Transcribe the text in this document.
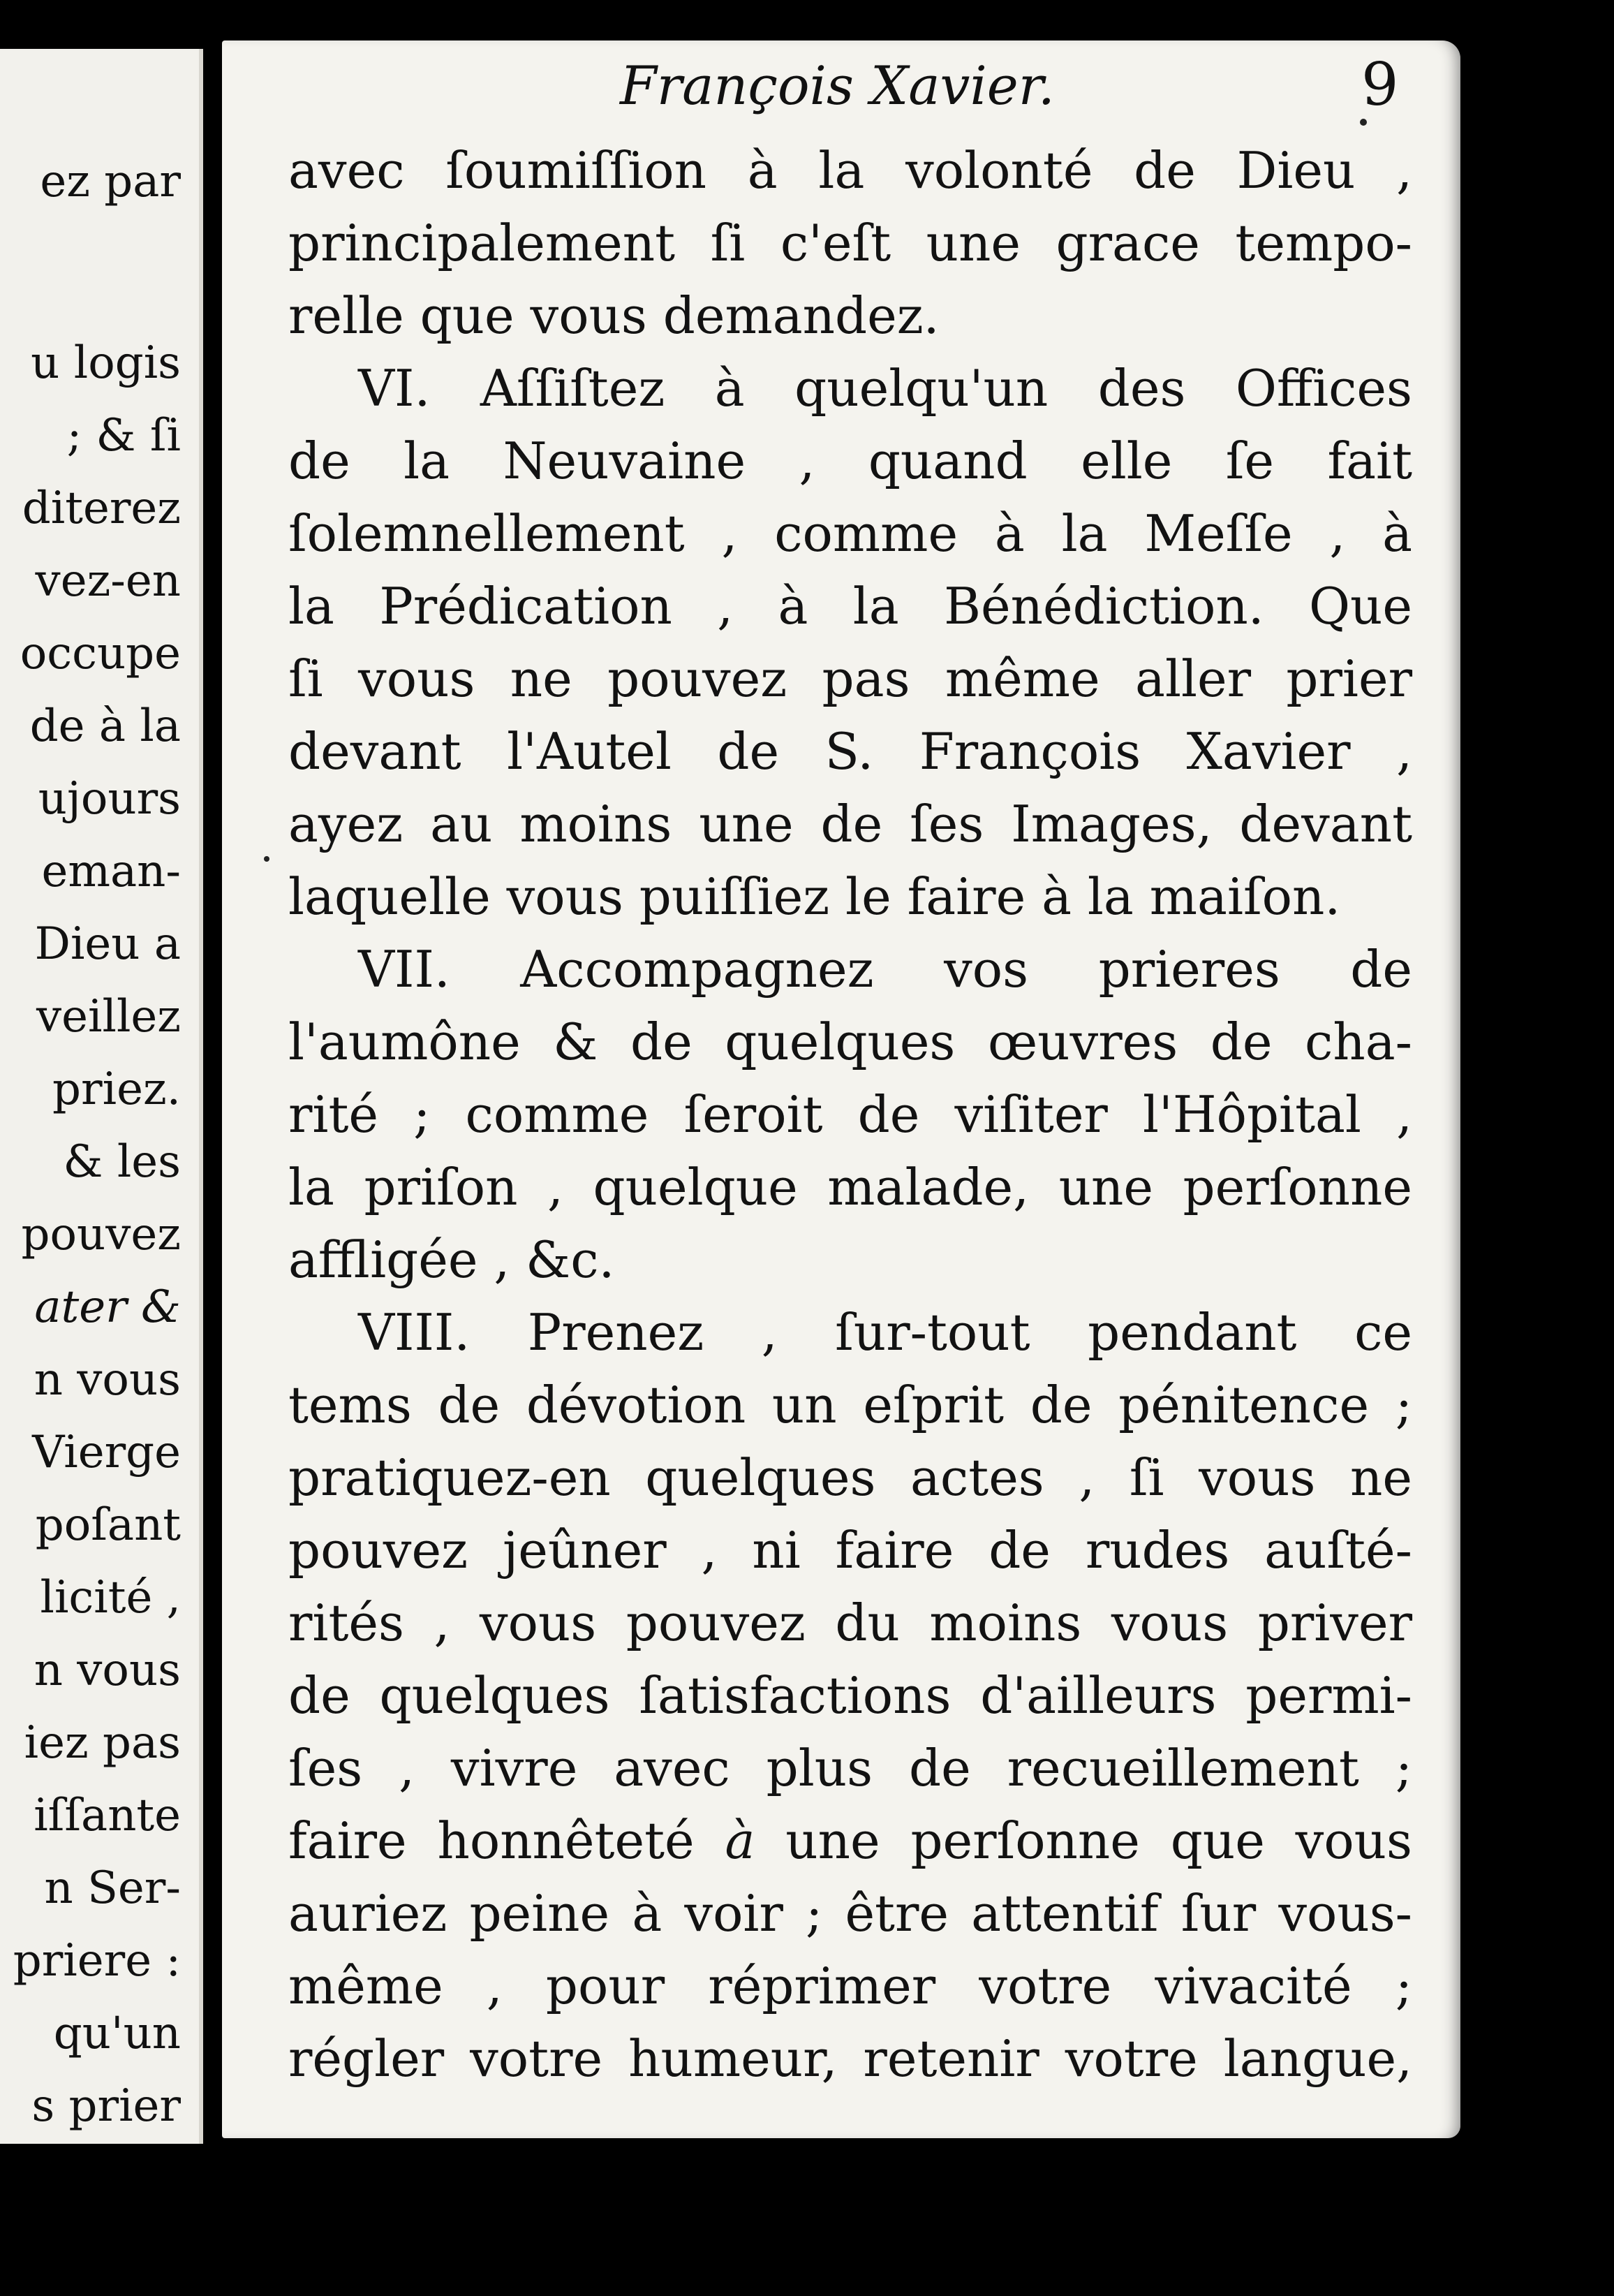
ez par
u logis
; & ſi
diterez
vez-en
occupe
de à la
ujours
eman-
Dieu a
veillez
priez.
& les
pouvez
ater &
n vous
Vierge
poſant
licité ,
n vous
iez pas
iſſante
n Ser-
priere :
qu'un
s prier
François Xavier.	9
avec ſoumiſſion à la volonté de Dieu ,
principalement ſi c'eſt une grace tempo-
relle que vous demandez.
VI. Aſſiſtez à quelqu'un des Offices
de la Neuvaine , quand elle ſe fait
ſolemnellement , comme à la Meſſe , à
la Prédication , à la Bénédiction. Que
ſi vous ne pouvez pas même aller prier
devant l'Autel de S. François Xavier ,
ayez au moins une de ſes Images, devant
laquelle vous puiſſiez le faire à la maiſon.
VII. Accompagnez vos prieres de
l'aumône & de quelques œuvres de cha-
rité ; comme ſeroit de viſiter l'Hôpital ,
la priſon , quelque malade, une perſonne
affligée , &c.
VIII. Prenez , ſur-tout pendant ce
tems de dévotion un eſprit de pénitence ;
pratiquez-en quelques actes , ſi vous ne
pouvez jeûner , ni faire de rudes auſté-
rités , vous pouvez du moins vous priver
de quelques ſatisfactions d'ailleurs permi-
ſes , vivre avec plus de recueillement ;
faire honnêteté à une perſonne que vous
auriez peine à voir ; être attentif ſur vous-
même , pour réprimer votre vivacité ;
régler votre humeur, retenir votre langue,
